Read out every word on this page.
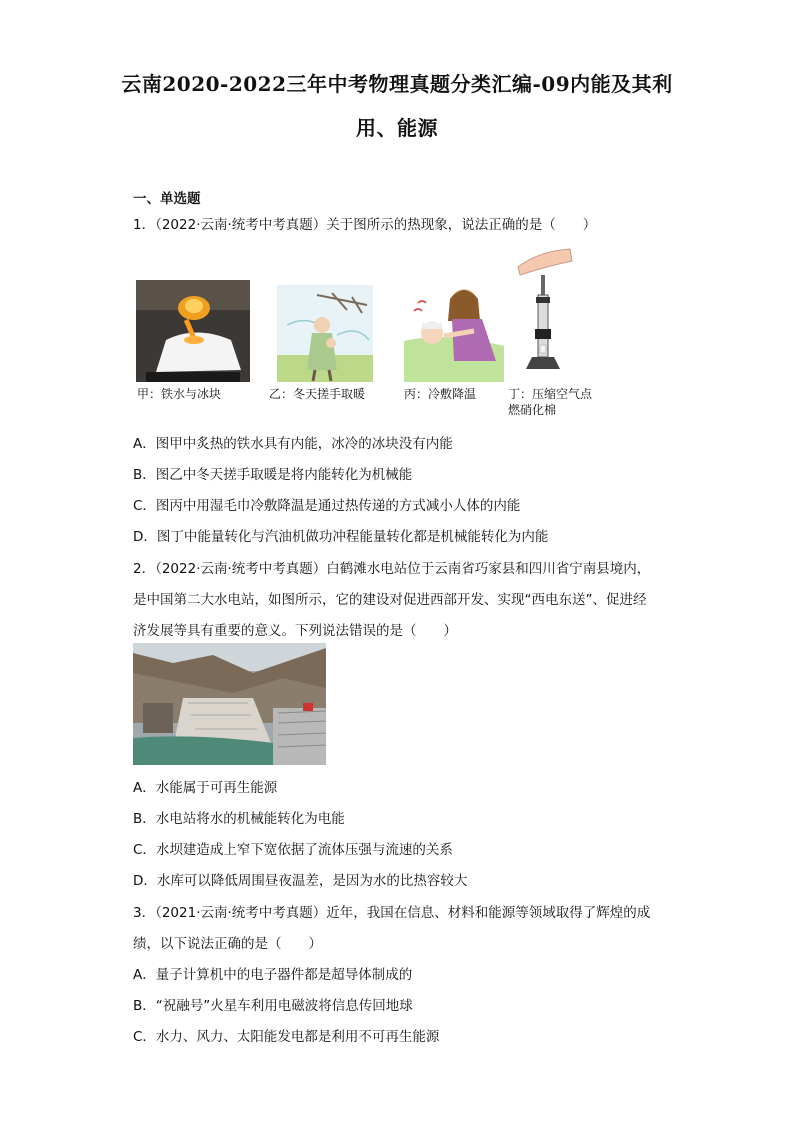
云南2020-2022三年中考物理真题分类汇编-09内能及其利
用、能源
一、单选题
1．（2022·云南·统考中考真题）关于图所示的热现象，说法正确的是（　　）
甲：铁水与冰块	乙：冬天搓手取暖	丙：冷敷降温	丁：压缩空气点
燃硝化棉
A．图甲中炙热的铁水具有内能，冰冷的冰块没有内能
B．图乙中冬天搓手取暖是将内能转化为机械能
C．图丙中用湿毛巾冷敷降温是通过热传递的方式减小人体的内能
D．图丁中能量转化与汽油机做功冲程能量转化都是机械能转化为内能
2．（2022·云南·统考中考真题）白鹤滩水电站位于云南省巧家县和四川省宁南县境内，
是中国第二大水电站，如图所示，它的建设对促进西部开发、实现“西电东送”、促进经
济发展等具有重要的意义。下列说法错误的是（　　）
A．水能属于可再生能源
B．水电站将水的机械能转化为电能
C．水坝建造成上窄下宽依据了流体压强与流速的关系
D．水库可以降低周围昼夜温差，是因为水的比热容较大
3．（2021·云南·统考中考真题）近年，我国在信息、材料和能源等领域取得了辉煌的成
绩，以下说法正确的是（　　）
A．量子计算机中的电子器件都是超导体制成的
B．“祝融号”火星车利用电磁波将信息传回地球
C．水力、风力、太阳能发电都是利用不可再生能源
